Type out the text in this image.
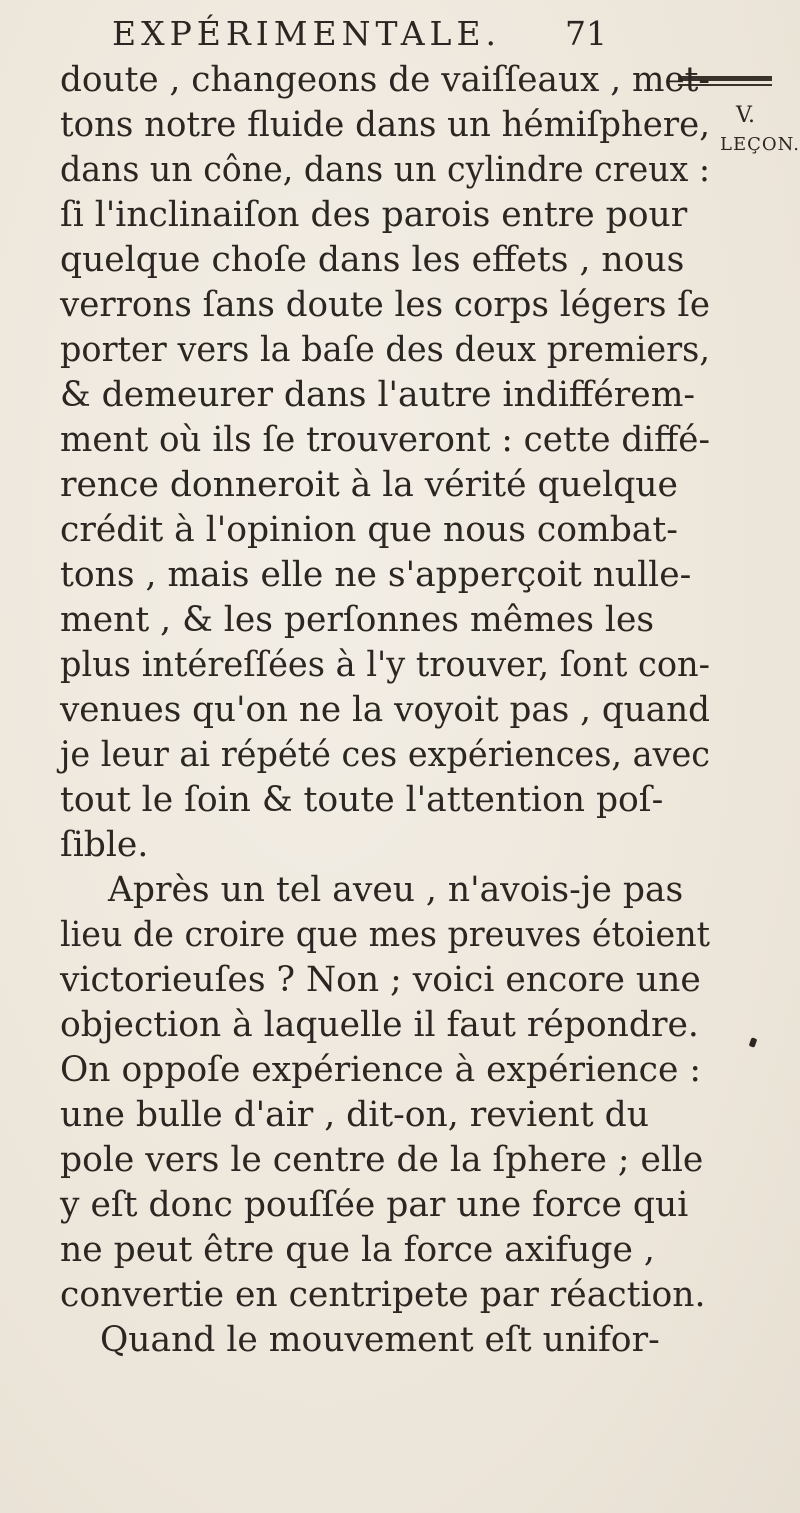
EXPÉRIMENTALE. 71
V.
LEÇON.
doute , changeons de vaiſſeaux , met-
tons notre fluide dans un hémiſphere,
dans un cône, dans un cylindre creux :
ſi l'inclinaiſon des parois entre pour
quelque choſe dans les effets , nous
verrons ſans doute les corps légers ſe
porter vers la baſe des deux premiers,
& demeurer dans l'autre indifférem-
ment où ils ſe trouveront : cette diffé-
rence donneroit à la vérité quelque
crédit à l'opinion que nous combat-
tons , mais elle ne s'apperçoit nulle-
ment , & les perſonnes mêmes les
plus intéreſſées à l'y trouver, ſont con-
venues qu'on ne la voyoit pas , quand
je leur ai répété ces expériences, avec
tout le ſoin & toute l'attention poſ-
ſible.
Après un tel aveu , n'avois-je pas
lieu de croire que mes preuves étoient
victorieuſes ? Non ; voici encore une
objection à laquelle il faut répondre.
On oppoſe expérience à expérience :
une bulle d'air , dit-on, revient du
pole vers le centre de la ſphere ; elle
y eſt donc pouſſée par une force qui
ne peut être que la force axifuge ,
convertie en centripete par réaction.
Quand le mouvement eſt unifor-
